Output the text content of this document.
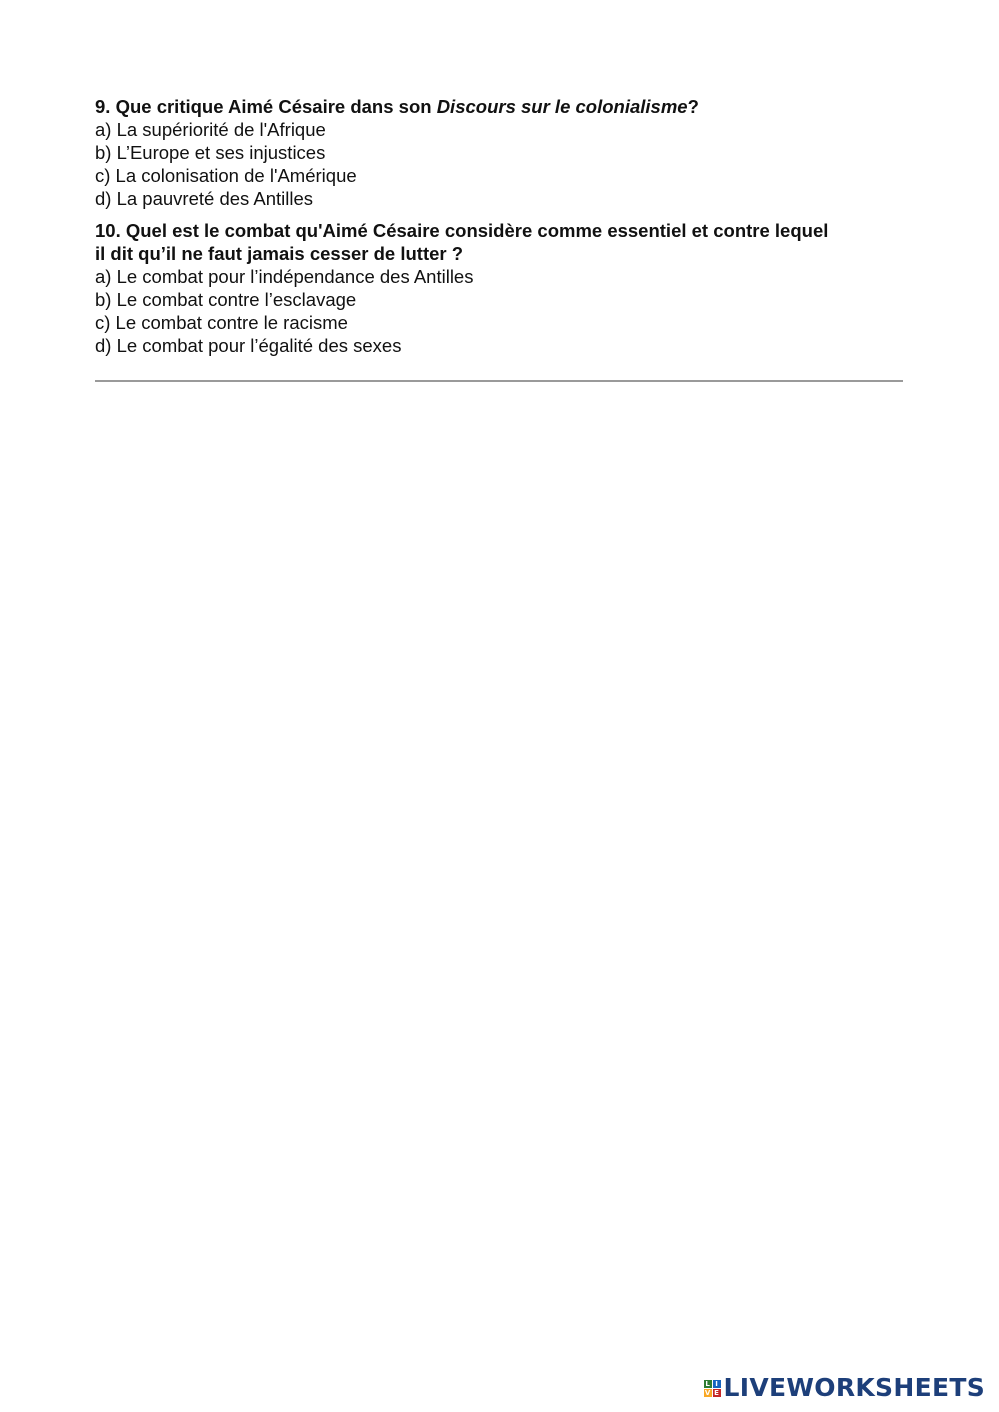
9. Que critique Aimé Césaire dans son Discours sur le colonialisme?

a) La supériorité de l'Afrique

b) L’Europe et ses injustices

c) La colonisation de l'Amérique

d) La pauvreté des Antilles

10. Quel est le combat qu'Aimé Césaire considère comme essentiel et contre lequel

il dit qu’il ne faut jamais cesser de lutter ?

a) Le combat pour l’indépendance des Antilles

b) Le combat contre l’esclavage

c) Le combat contre le racisme

d) Le combat pour l’égalité des sexes

L I
V E LIVEWORKSHEETS
